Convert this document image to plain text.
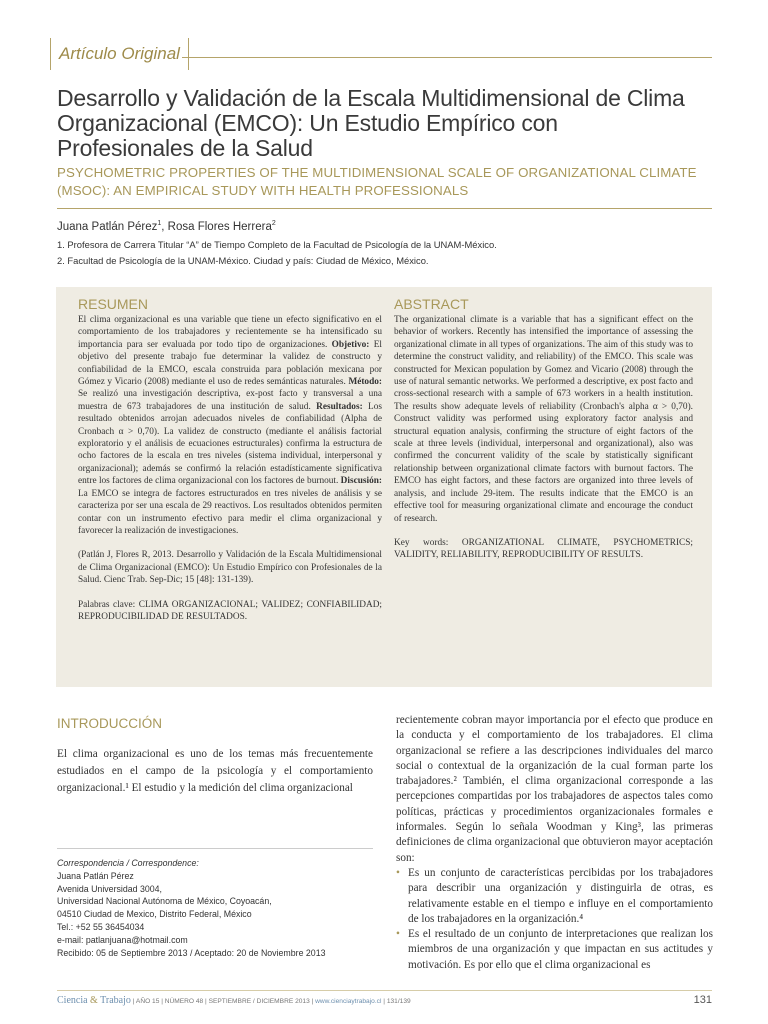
Artículo Original
Desarrollo y Validación de la Escala Multidimensional de Clima Organizacional (EMCO): Un Estudio Empírico con Profesionales de la Salud
PSYCHOMETRIC PROPERTIES OF THE MULTIDIMENSIONAL SCALE OF ORGANIZATIONAL CLIMATE (MSOC): AN EMPIRICAL STUDY WITH HEALTH PROFESSIONALS
Juana Patlán Pérez$^1$, Rosa Flores Herrera$^2$
1. Profesora de Carrera Titular “A” de Tiempo Completo de la Facultad de Psicología de la UNAM-México.
2. Facultad de Psicología de la UNAM-México. Ciudad y país: Ciudad de México, México.
RESUMEN

El clima organizacional es una variable que tiene un efecto significativo en el comportamiento de los trabajadores y recientemente se ha intensificado su importancia para ser evaluada por todo tipo de organizaciones. Objetivo: El objetivo del presente trabajo fue determinar la validez de constructo y confiabilidad de la EMCO, escala construida para población mexicana por Gómez y Vicario (2008) mediante el uso de redes semánticas naturales. Método: Se realizó una investigación descriptiva, ex-post facto y transversal a una muestra de 673 trabajadores de una institución de salud. Resultados: Los resultado obtenidos arrojan adecuados niveles de confiabilidad (Alpha de Cronbach α > 0,70). La validez de constructo (mediante el análisis factorial exploratorio y el análisis de ecuaciones estructurales) confirma la estructura de ocho factores de la escala en tres niveles (sistema individual, interpersonal y organizacional); además se confirmó la relación estadísticamente significativa entre los factores de clima organizacional con los factores de burnout. Discusión: La EMCO se integra de factores estructurados en tres niveles de análisis y se caracteriza por ser una escala de 29 reactivos. Los resultados obtenidos permiten contar con un instrumento efectivo para medir el clima organizacional y favorecer la realización de investigaciones.

(Patlán J, Flores R, 2013. Desarrollo y Validación de la Escala Multidimensional de Clima Organizacional (EMCO): Un Estudio Empírico con Profesionales de la Salud. Cienc Trab. Sep-Dic; 15 [48]: 131-139).

Palabras clave: CLIMA ORGANIZACIONAL; VALIDEZ; CONFIABILIDAD; REPRODUCIBILIDAD DE RESULTADOS.

ABSTRACT

The organizational climate is a variable that has a significant effect on the behavior of workers. Recently has intensified the importance of assessing the organizational climate in all types of organizations. The aim of this study was to determine the construct validity, and reliability) of the EMCO. This scale was constructed for Mexican population by Gomez and Vicario (2008) through the use of natural semantic networks. We performed a descriptive, ex post facto and cross-sectional research with a sample of 673 workers in a health institution. The results show adequate levels of reliability (Cronbach's alpha α > 0,70). Construct validity was performed using exploratory factor analysis and structural equation analysis, confirming the structure of eight factors of the scale at three levels (individual, interpersonal and organizational), also was confirmed the concurrent validity of the scale by statistically significant relationship between organizational climate factors with burnout factors. The EMCO has eight factors, and these factors are organized into three levels of analysis, and include 29-item. The results indicate that the EMCO is an effective tool for measuring organizational climate and encourage the conduct of research.

Key words: ORGANIZATIONAL CLIMATE, PSYCHOMETRICS; VALIDITY, RELIABILITY, REPRODUCIBILITY OF RESULTS.

INTRODUCCIÓN

El clima organizacional es uno de los temas más frecuentemente estudiados en el campo de la psicología y el comportamiento organizacional.¹ El estudio y la medición del clima organizacional

Correspondencia / Correspondence:
Juana Patlán Pérez
Avenida Universidad 3004,
Universidad Nacional Autónoma de México, Coyoacán,
04510 Ciudad de Mexico, Distrito Federal, México
Tel.: +52 55 36454034
e-mail: patlanjuana@hotmail.com
Recibido: 05 de Septiembre 2013 / Aceptado: 20 de Noviembre 2013

recientemente cobran mayor importancia por el efecto que produce en la conducta y el comportamiento de los trabajadores. El clima organizacional se refiere a las descripciones individuales del marco social o contextual de la organización de la cual forman parte los trabajadores.² También, el clima organizacional corresponde a las percepciones compartidas por los trabajadores de aspectos tales como políticas, prácticas y procedimientos organizacionales formales e informales. Según lo señala Woodman y King³, las primeras definiciones de clima organizacional que obtuvieron mayor aceptación son:

• Es un conjunto de características percibidas por los trabajadores para describir una organización y distinguirla de otras, es relativamente estable en el tiempo e influye en el comportamiento de los trabajadores en la organización.⁴
• Es el resultado de un conjunto de interpretaciones que realizan los miembros de una organización y que impactan en sus actitudes y motivación. Es por ello que el clima organizacional es
Ciencia & Trabajo | AÑO 15 | NÚMERO 48 | SEPTIEMBRE / DICIEMBRE 2013 | www.cienciaytrabajo.cl | 131/139	131
